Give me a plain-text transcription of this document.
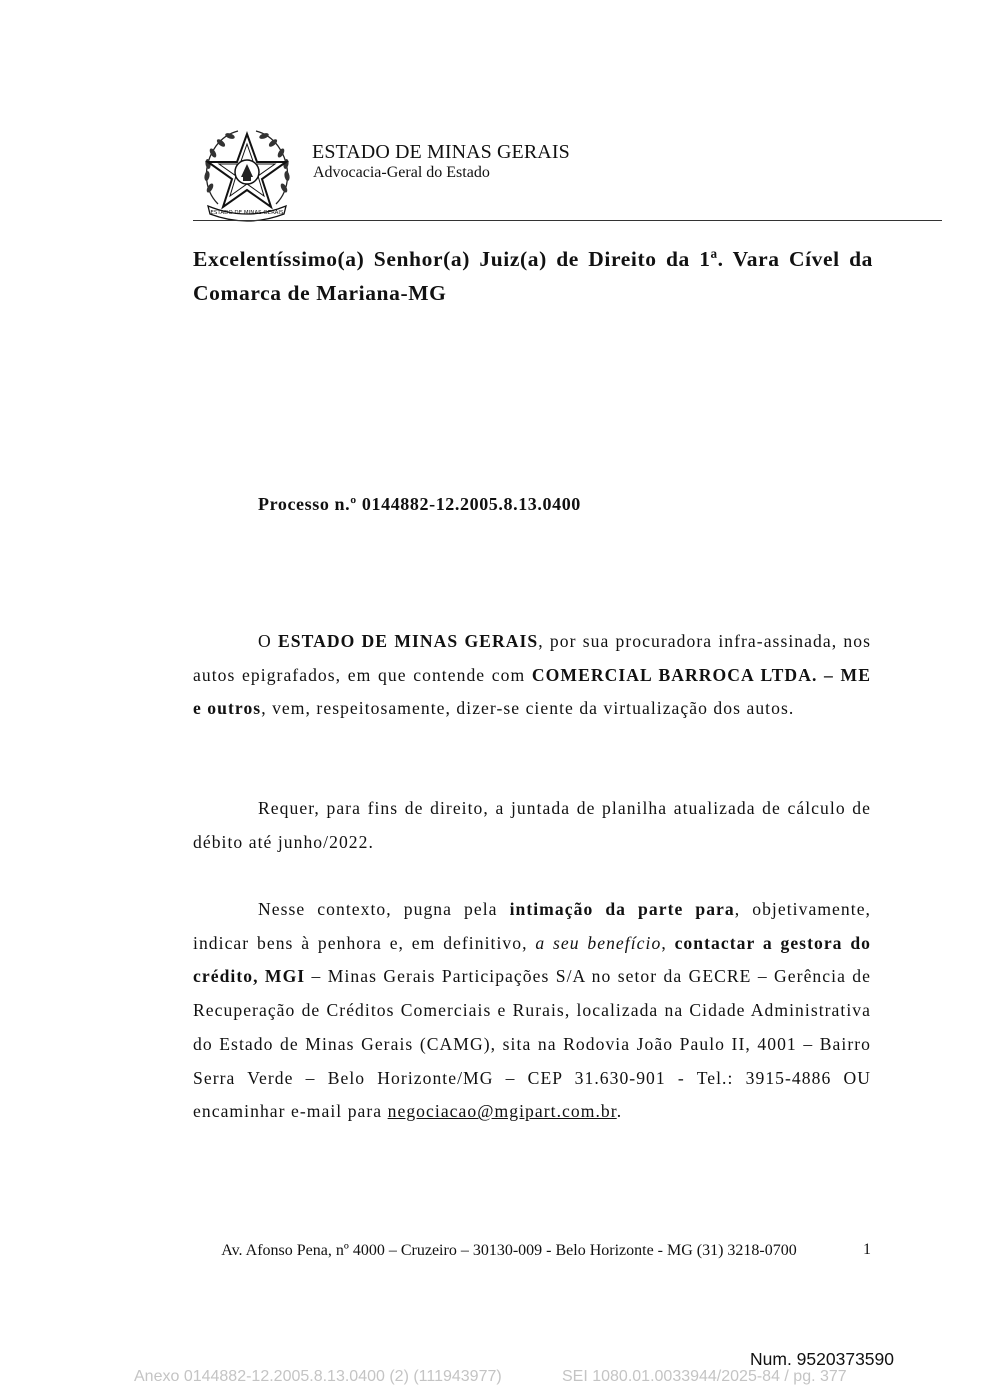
ESTADO DE MINAS GERAIS
ESTADO DE MINAS GERAIS
Advocacia-Geral do Estado
Excelentíssimo(a) Senhor(a) Juiz(a) de Direito da 1ª. Vara Cível da Comarca de Mariana-MG
Processo n.º 0144882-12.2005.8.13.0400
O ESTADO DE MINAS GERAIS, por sua procuradora infra-assinada, nos autos epigrafados, em que contende com COMERCIAL BARROCA LTDA. – ME e outros, vem, respeitosamente, dizer-se ciente da virtualização dos autos.
Requer, para fins de direito, a juntada de planilha atualizada de cálculo de débito até junho/2022.
Nesse contexto, pugna pela intimação da parte para, objetivamente, indicar bens à penhora e, em definitivo, a seu benefício, contactar a gestora do crédito, MGI – Minas Gerais Participações S/A no setor da GECRE – Gerência de Recuperação de Créditos Comerciais e Rurais, localizada na Cidade Administrativa do Estado de Minas Gerais (CAMG), sita na Rodovia João Paulo II, 4001 – Bairro Serra Verde – Belo Horizonte/MG – CEP 31.630-901 - Tel.: 3915-4886 OU encaminhar e-mail para negociacao@mgipart.com.br.
Av. Afonso Pena, nº 4000 – Cruzeiro – 30130-009 - Belo Horizonte - MG (31) 3218-0700	1
Num. 9520373590
Anexo 0144882-12.2005.8.13.0400 (2) (111943977)	SEI 1080.01.0033944/2025-84 / pg. 377
